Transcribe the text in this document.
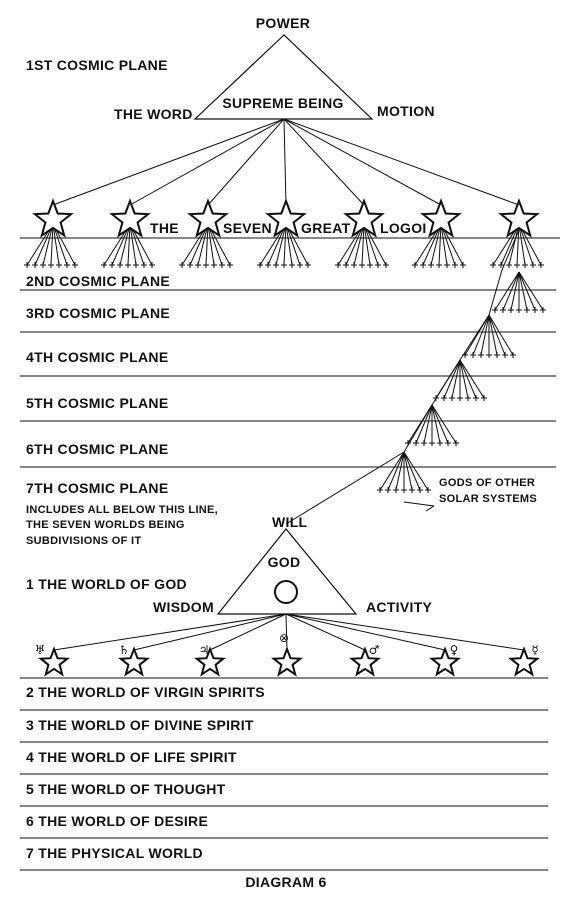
POWER
1ST COSMIC PLANE
THE WORD
SUPREME BEING MOTION
THE	SEVEN GREAT LOGOI
2ND COSMIC PLANE
3RD COSMIC PLANE
4TH COSMIC PLANE
5TH COSMIC PLANE
6TH COSMIC PLANE
7TH COSMIC PLANE
INCLUDES ALL BELOW THIS LINE,
THE SEVEN WORLDS BEING
SUBDIVISIONS OF IT
GODS OF OTHER
SOLAR SYSTEMS
WILL
GOD
WISDOM	ACTIVITY
1 THE WORLD OF GOD
♅	♄	♃
⊗
♂	♀	☿
2 THE WORLD OF VIRGIN SPIRITS
3 THE WORLD OF DIVINE SPIRIT
4 THE WORLD OF LIFE SPIRIT
5 THE WORLD OF THOUGHT
6 THE WORLD OF DESIRE
7 THE PHYSICAL WORLD
DIAGRAM 6
